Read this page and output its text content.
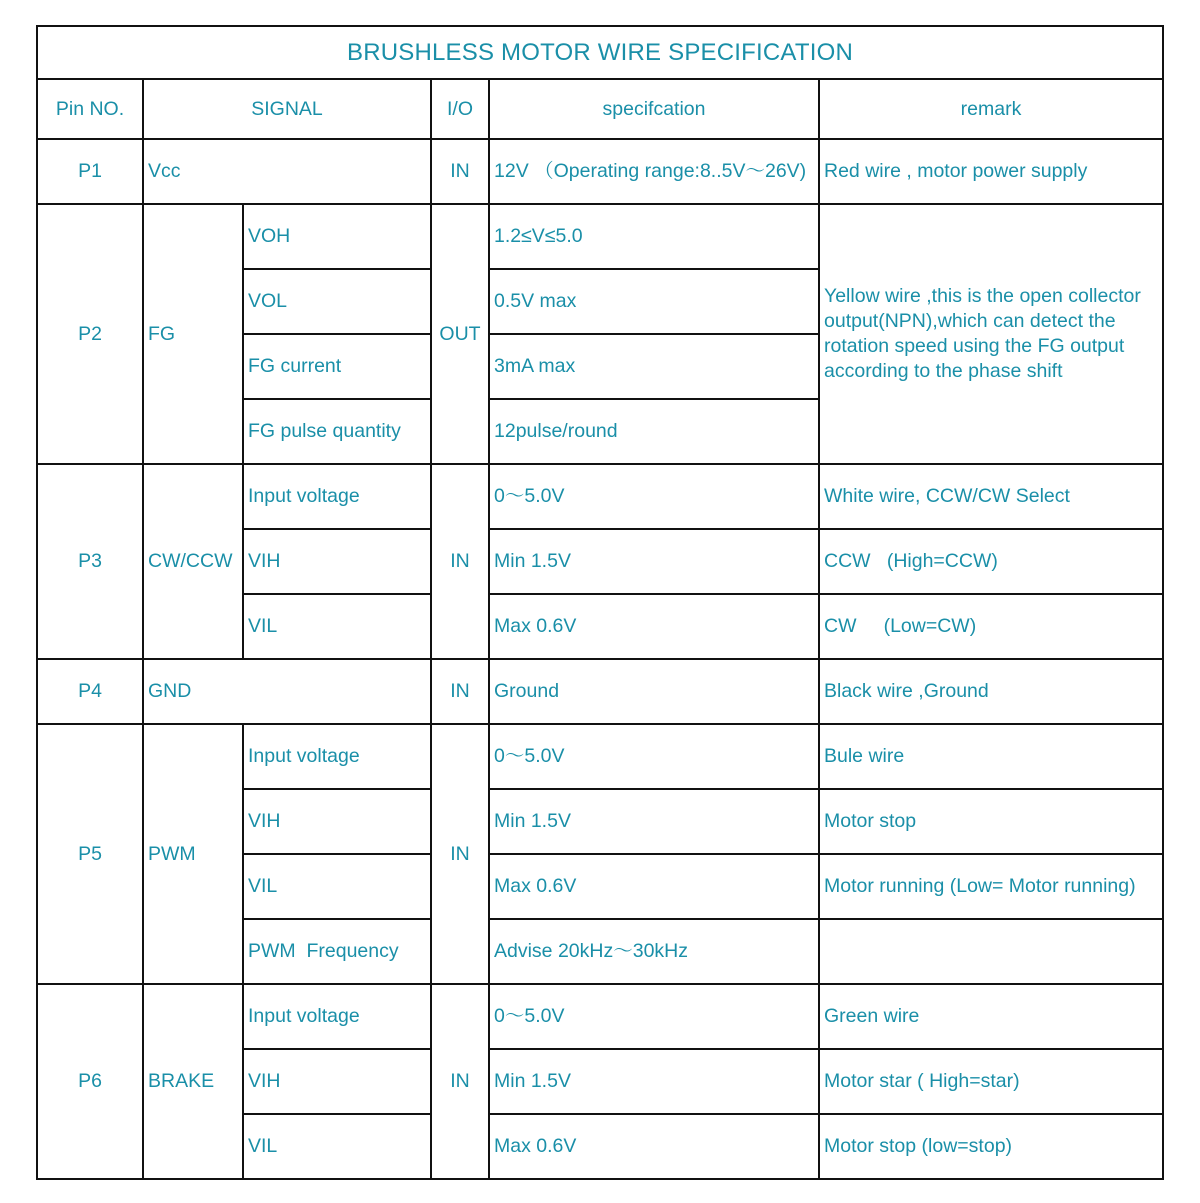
BRUSHLESS MOTOR WIRE SPECIFICATION					
Pin NO.	SIGNAL		I/O	specifcation	remark
P1	Vcc		IN	12V （Operating range:8..5V～26V)	Red wire , motor power supply
P2	FG	VOH	OUT	1.2≤V≤5.0	Yellow wire ,this is the open collector output(NPN),which can detect the rotation speed using the FG output according to the phase shift
		VOL		0.5V max	
		FG current		3mA max	
		FG pulse quantity		12pulse/round	
P3	CW/CCW	Input voltage	IN	0～5.0V	White wire, CCW/CW Select
		VIH		Min 1.5V	CCW   (High=CCW)
		VIL		Max 0.6V	CW     (Low=CW)
P4	GND		IN	Ground	Black wire ,Ground
P5	PWM	Input voltage	IN	0～5.0V	Bule wire
		VIH		Min 1.5V	Motor stop
		VIL		Max 0.6V	Motor running (Low= Motor running)
		PWM  Frequency		Advise 20kHz～30kHz	
P6	BRAKE	Input voltage	IN	0～5.0V	Green wire
		VIH		Min 1.5V	Motor star ( High=star)
		VIL		Max 0.6V	Motor stop (low=stop)
